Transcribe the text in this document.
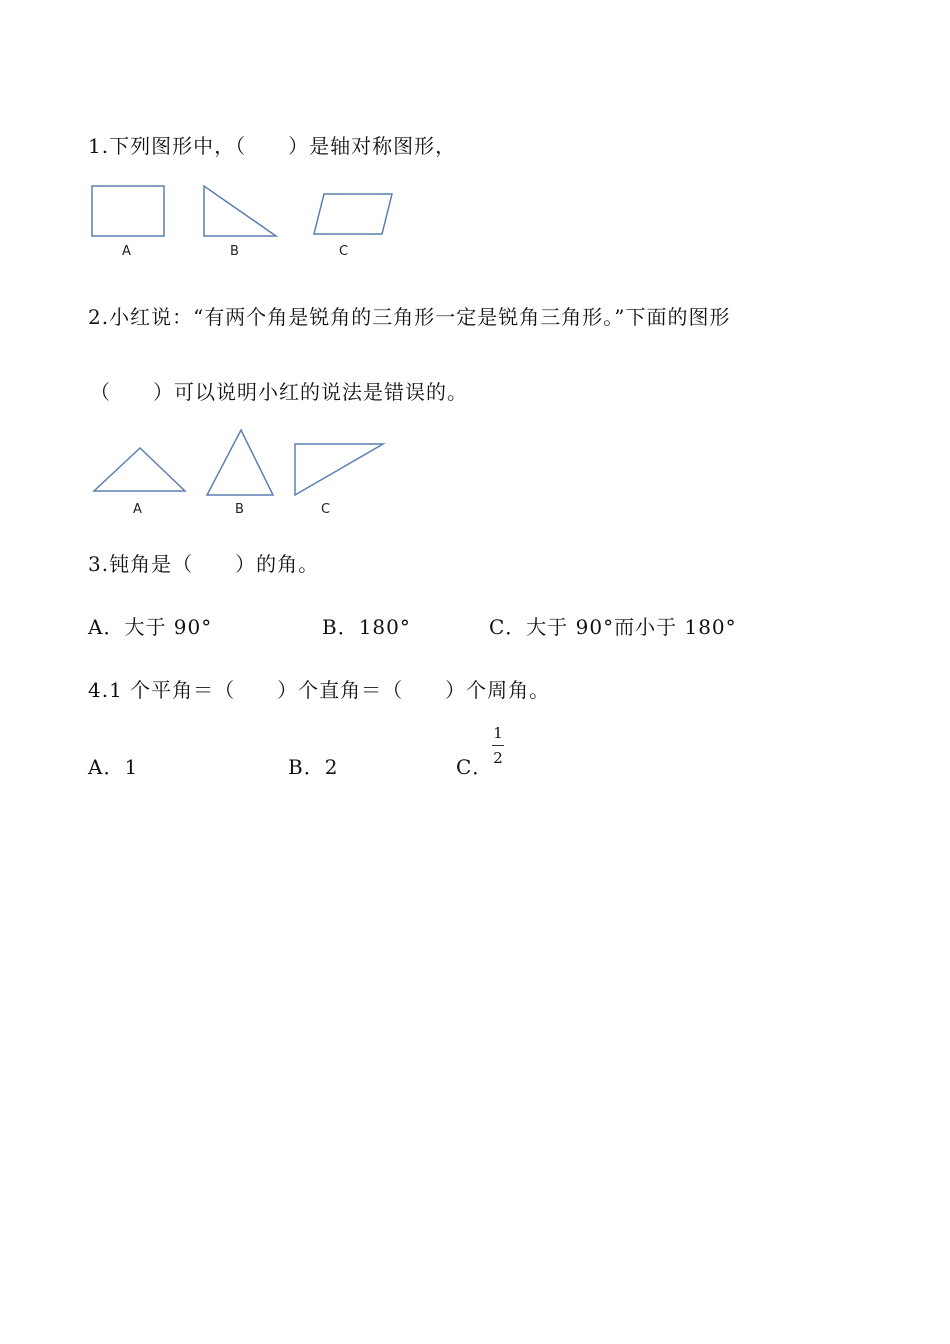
1.下列图形中，（　　）是轴对称图形，
A	B	C
2.小红说：“有两个角是锐角的三角形一定是锐角三角形。”下面的图形
（　　）可以说明小红的说法是错误的。
A	B	C
3.钝角是（　　）的角。
A．大于 90°	B．180°	C．大于 90°而小于 180°
4.1 个平角＝（　　）个直角＝（　　）个周角。
A．1	B．2	C．
1
2
